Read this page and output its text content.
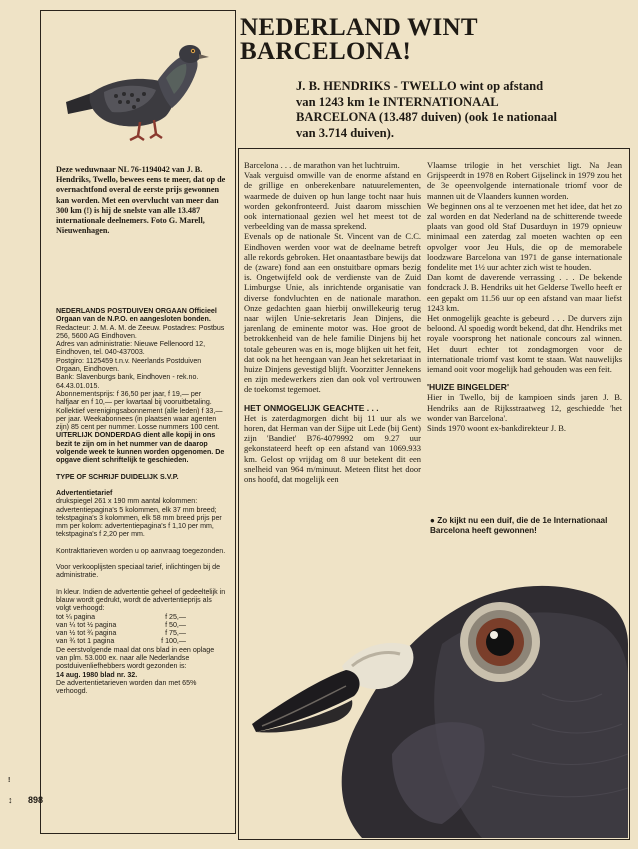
Deze weduwnaar NL 76-1194042 van J. B. Hendriks, Twello, bewees eens te meer, dat op de overnachtfond overal de eerste prijs gewonnen kan worden. Met een overvlucht van meer dan 300 km (!) is hij de snelste van alle 13.487 internationale deelnemers. Foto G. Marell, Nieuwenhagen.

NEDERLANDS POSTDUIVEN ORGAAN Officieel Orgaan van de N.P.O. en aangesloten bonden.

Redacteur: J. M. A. M. de Zeeuw. Postadres: Postbus 256, 5600 AG Eindhoven.

Adres van administratie: Nieuwe Fellenoord 12, Eindhoven, tel. 040-437003.

Postgiro: 1125459 t.n.v. Neerlands Postduiven Orgaan, Eindhoven.

Bank: Slavenburgs bank, Eindhoven - rek.no. 64.43.01.015.

Abonnementsprijs: f 36,50 per jaar, f 19,— per halfjaar en f 10,— per kwartaal bij vooruitbetaling. Kollektief verenigingsabonnement (alle leden) f 33,— per jaar. Weekabonnees (in plaatsen waar agenten zijn) 85 cent per nummer. Losse nummers 100 cent.

UITERLIJK DONDERDAG dient alle kopij in ons bezit te zijn om in het nummer van de daarop volgende week te kunnen worden opgenomen. De opgave dient schriftelijk te geschieden.

TYPE OF SCHRIJF DUIDELIJK S.V.P.

Advertentietarief

drukspiegel 261 x 190 mm aantal kolommen: advertentiepagina's 5 kolommen, elk 37 mm breed; tekstpagina's 3 kolommen, elk 58 mm breed prijs per mm per kolom: advertentiepagina's f 1,10 per mm, tekstpagina's f 2,20 per mm.

Kontrakttarieven worden u op aanvraag toegezonden.

Voor verkooplijsten speciaal tarief, inlichtingen bij de administratie.

In kleur. Indien de advertentie geheel of gedeeltelijk in blauw wordt gedrukt, wordt de advertentieprijs als volgt verhoogd:

tot ¼ pagina	f 25,—
van ¼ tot ½ pagina	f 50,—
van ½ tot ¾ pagina	f 75,—
van ¾ tot 1 pagina	f 100,—

De eerstvolgende maal dat ons blad in een oplage van plm. 53.000 ex. naar alle Nederlandse postduivenliefhebbers wordt gezonden is:

14 aug. 1980 blad nr. 32.

De advertentietarieven worden dan met 65% verhoogd.

NEDERLAND WINT
BARCELONA!
J. B. HENDRIKS - TWELLO wint op afstand
van 1243 km 1e INTERNATIONAAL
BARCELONA (13.487 duiven) (ook 1e nationaal
van 3.714 duiven).

Barcelona . . . de marathon van het luchtruim.

Vaak verguisd omwille van de enorme afstand en de grillige en onberekenbare natuurelementen, waarmede de duiven op hun lange tocht naar huis worden gekonfronteerd. Juist daarom misschien ook internationaal gezien wel het meest tot de verbeelding van de massa sprekend.

Evenals op de nationale St. Vincent van de C.C. Eindhoven werden voor wat de deelname betreft alle rekords gebroken. Het onaantastbare bewijs dat de (zware) fond aan een onstuitbare opmars bezig is. Ongetwijfeld ook de verdienste van de Zuid Limburgse Unie, als inrichtende organisatie van diverse fondvluchten en de nationale marathon. Onze gedachten gaan hierbij onwillekeurig terug naar wijlen Unie-sekretaris Jean Dinjens, die jarenlang de eminente motor was. Hoe groot de betrokkenheid van de hele familie Dinjens bij het totale gebeuren was en is, moge blijken uit het feit, dat ook na het heengaan van Jean het sekretariaat in huize Dinjens gevestigd blijft. Voorzitter Jennekens en zijn medewerkers zien dan ook vol vertrouwen de toekomst tegemoet.

HET ONMOGELIJK GEACHTE . . .

Het is zaterdagmorgen dicht bij 11 uur als we horen, dat Herman van der Sijpe uit Lede (bij Gent) zijn 'Bandiet' B76-4079992 om 9.27 uur gekonstateerd heeft op een afstand van 1069.933 km. Gelost op vrijdag om 8 uur betekent dit een snelheid van 964 m/minuut. Meteen flitst het door ons hoofd, dat mogelijk een

Vlaamse trilogie in het verschiet ligt. Na Jean Grijspeerdt in 1978 en Robert Gijselinck in 1979 zou het de 3e opeenvolgende internationale triomf voor de mannen uit de Vlaanders kunnen worden.

We beginnen ons al te verzoenen met het idee, dat het zo zal worden en dat Nederland na de schitterende tweede plaats van good old Staf Dusarduyn in 1979 opnieuw minimaal een zaterdag zal moeten wachten op een opvolger voor Jeu Huls, die op de memorabele loodzware Barcelona van 1971 de ganse internationale fondelite met 1½ uur achter zich wist te houden.

Dan komt de daverende verrassing . . . De bekende fondcrack J. B. Hendriks uit het Gelderse Twello heeft er een gepakt om 11.56 uur op een afstand van maar liefst 1243 km.

Het onmogelijk geachte is gebeurd . . . De durvers zijn beloond. Al spoedig wordt bekend, dat dhr. Hendriks met royale voorsprong het nationale concours zal winnen. Het duurt echter tot zondagmorgen voor de internationale triomf vast komt te staan. Wat nauwelijks iemand ooit voor mogelijk had gehouden was een feit.

'HUIZE BINGELDER'

Hier in Twello, bij de kampioen sinds jaren J. B. Hendriks aan de Rijksstraatweg 12, geschiedde 'het wonder van Barcelona'.

Sinds 1970 woont ex-bankdirekteur J. B.

● Zo kijkt nu een duif, die de 1e Internationaal Barcelona heeft gewonnen!
!
↕ 898
